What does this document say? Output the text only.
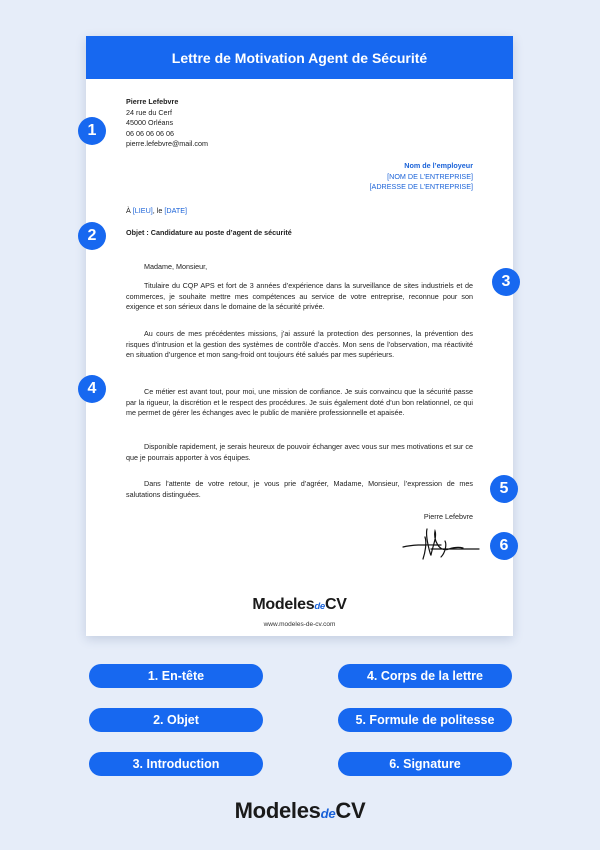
Lettre de Motivation Agent de Sécurité
Pierre Lefebvre
24 rue du Cerf
45000 Orléans
06 06 06 06 06
pierre.lefebvre@mail.com
Nom de l’employeur
[NOM DE L’ENTREPRISE]
[ADRESSE DE L’ENTREPRISE]
À [LIEU], le [DATE]
Objet : Candidature au poste d’agent de sécurité
Madame, Monsieur,
Titulaire du CQP APS et fort de 3 années d’expérience dans la surveillance de sites industriels et de commerces, je souhaite mettre mes compétences au service de votre entreprise, reconnue pour son exigence et son sérieux dans le domaine de la sécurité privée.
Au cours de mes précédentes missions, j’ai assuré la protection des personnes, la prévention des risques d’intrusion et la gestion des systèmes de contrôle d’accès. Mon sens de l’observation, ma réactivité en situation d’urgence et mon sang-froid ont toujours été salués par mes supérieurs.
Ce métier est avant tout, pour moi, une mission de confiance. Je suis convaincu que la sécurité passe par la rigueur, la discrétion et le respect des procédures. Je suis également doté d’un bon relationnel, ce qui me permet de gérer les échanges avec le public de manière professionnelle et apaisée.
Disponible rapidement, je serais heureux de pouvoir échanger avec vous sur mes motivations et sur ce que je pourrais apporter à vos équipes.
Dans l’attente de votre retour, je vous prie d’agréer, Madame, Monsieur, l’expression de mes salutations distinguées.
Pierre Lefebvre
ModelesdeCV
www.modeles-de-cv.com
1
2
3
4
5
6
1. En-tête	4. Corps de la lettre
2. Objet	5. Formule de politesse
3. Introduction	6. Signature
ModelesdeCV
